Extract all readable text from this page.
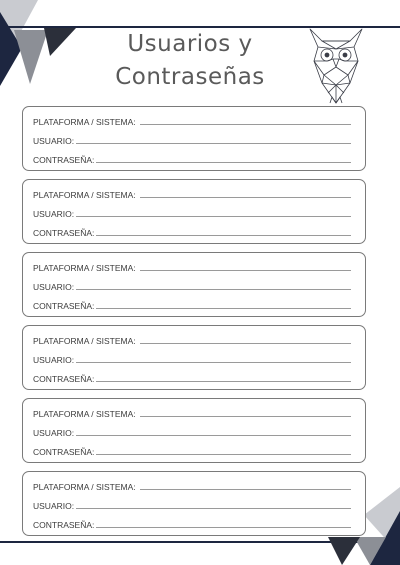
Usuarios y
Contraseñas
PLATAFORMA / SISTEMA:
USUARIO:
CONTRASEÑA:
PLATAFORMA / SISTEMA:
USUARIO:
CONTRASEÑA:
PLATAFORMA / SISTEMA:
USUARIO:
CONTRASEÑA:
PLATAFORMA / SISTEMA:
USUARIO:
CONTRASEÑA:
PLATAFORMA / SISTEMA:
USUARIO:
CONTRASEÑA:
PLATAFORMA / SISTEMA:
USUARIO:
CONTRASEÑA:
